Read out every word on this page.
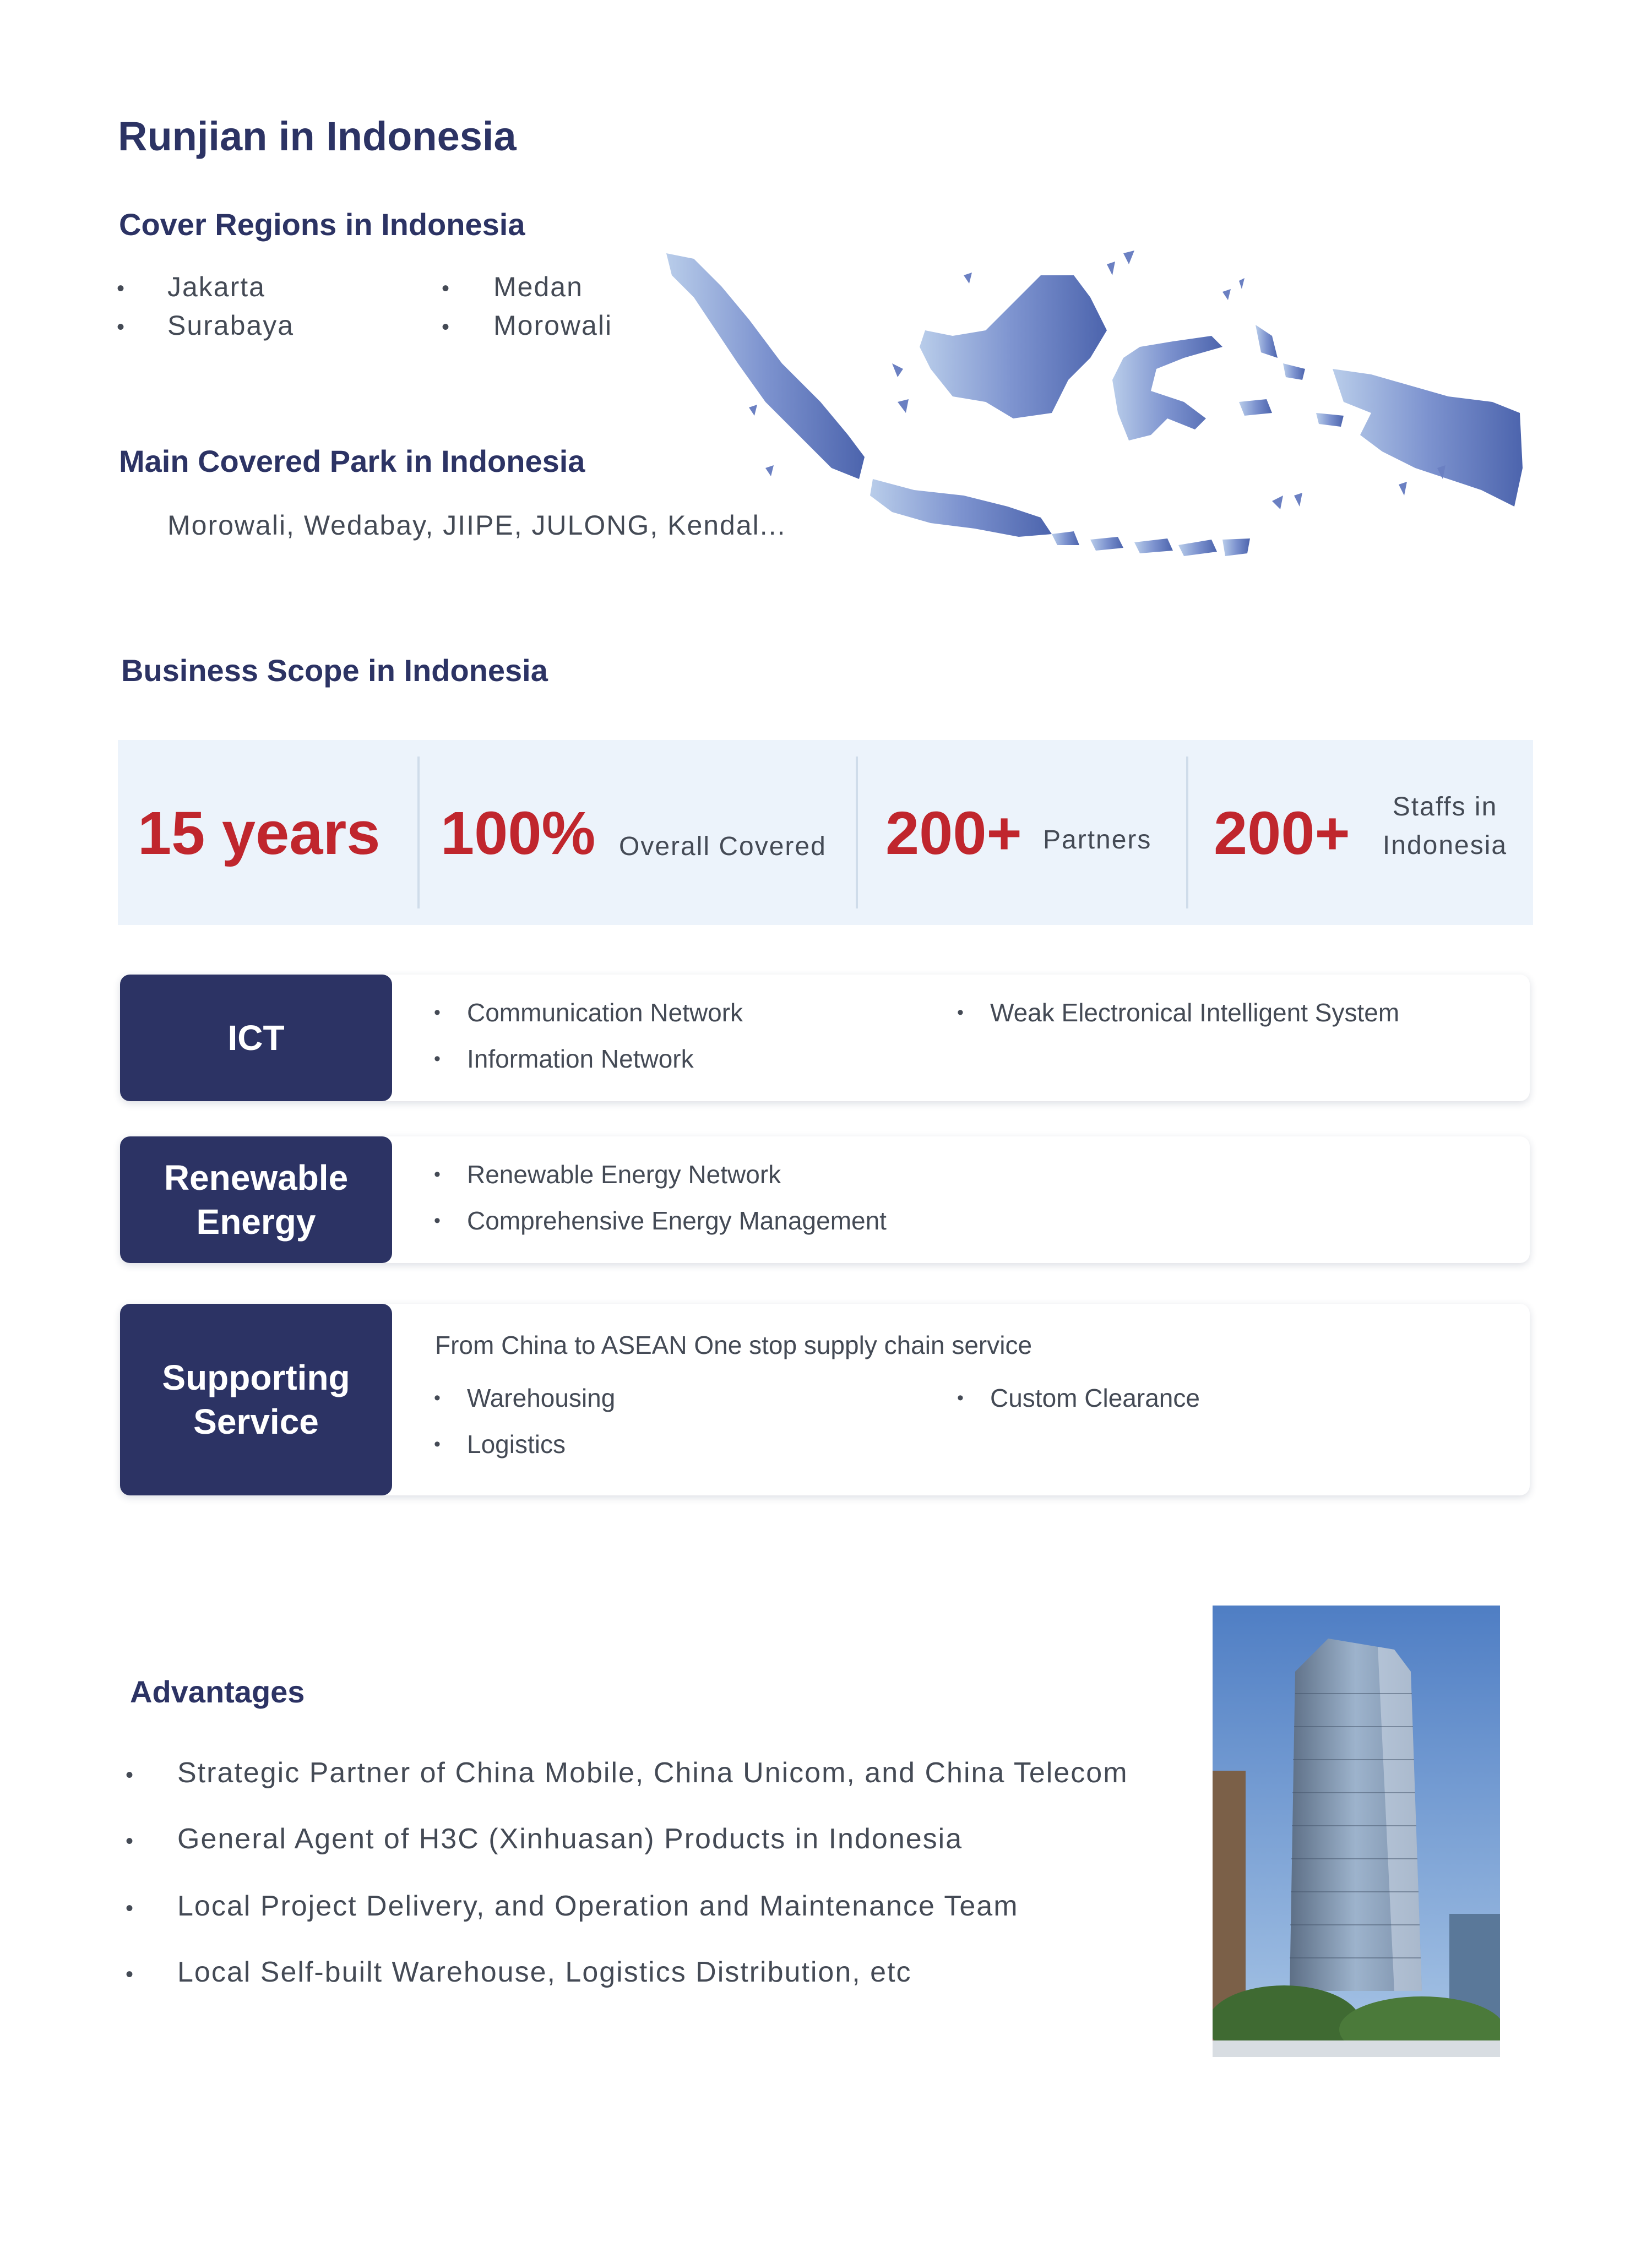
Runjian in Indonesia
Cover Regions in Indonesia
• Jakarta
• Surabaya
• Medan
• Morowali
Main Covered Park in Indonesia
Morowali, Wedabay, JIIPE, JULONG, Kendal...
Business Scope in Indonesia
15 years 100% Overall Covered 200+ Partners 200+	Staffs in
Indonesia
ICT
• Communication Network
• Information Network
• Weak Electronical Intelligent System
Renewable
Energy
• Renewable Energy Network
• Comprehensive Energy Management
Supporting
Service
From China to ASEAN One stop supply chain service
• Warehousing
• Logistics
• Custom Clearance
Advantages
• Strategic Partner of China Mobile, China Unicom, and China Telecom
• General Agent of H3C (Xinhuasan) Products in Indonesia
• Local Project Delivery, and Operation and Maintenance Team
• Local Self-built Warehouse, Logistics Distribution, etc
